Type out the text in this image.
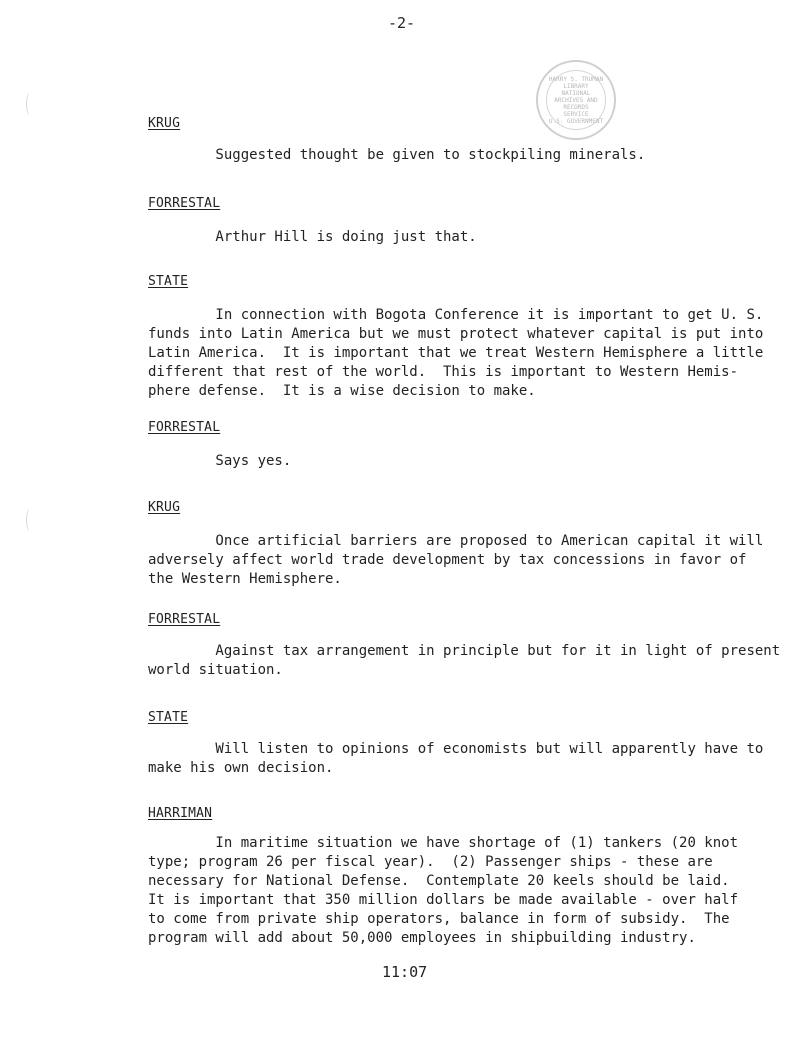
-2-
HARRY S. TRUMAN LIBRARY
NATIONAL
ARCHIVES AND
RECORDS
SERVICE
U.S. GOVERNMENT
KRUG
Suggested thought be given to stockpiling minerals.
FORRESTAL
Arthur Hill is doing just that.
STATE
In connection with Bogota Conference it is important to get U. S.
funds into Latin America but we must protect whatever capital is put into
Latin America.  It is important that we treat Western Hemisphere a little
different that rest of the world.  This is important to Western Hemis-
phere defense.  It is a wise decision to make.
FORRESTAL
Says yes.
KRUG
Once artificial barriers are proposed to American capital it will
adversely affect world trade development by tax concessions in favor of
the Western Hemisphere.
FORRESTAL
Against tax arrangement in principle but for it in light of present
world situation.
STATE
Will listen to opinions of economists but will apparently have to
make his own decision.
HARRIMAN
In maritime situation we have shortage of (1) tankers (20 knot
type; program 26 per fiscal year).  (2) Passenger ships - these are
necessary for National Defense.  Contemplate 20 keels should be laid.
It is important that 350 million dollars be made available - over half
to come from private ship operators, balance in form of subsidy.  The
program will add about 50,000 employees in shipbuilding industry.
11:07
